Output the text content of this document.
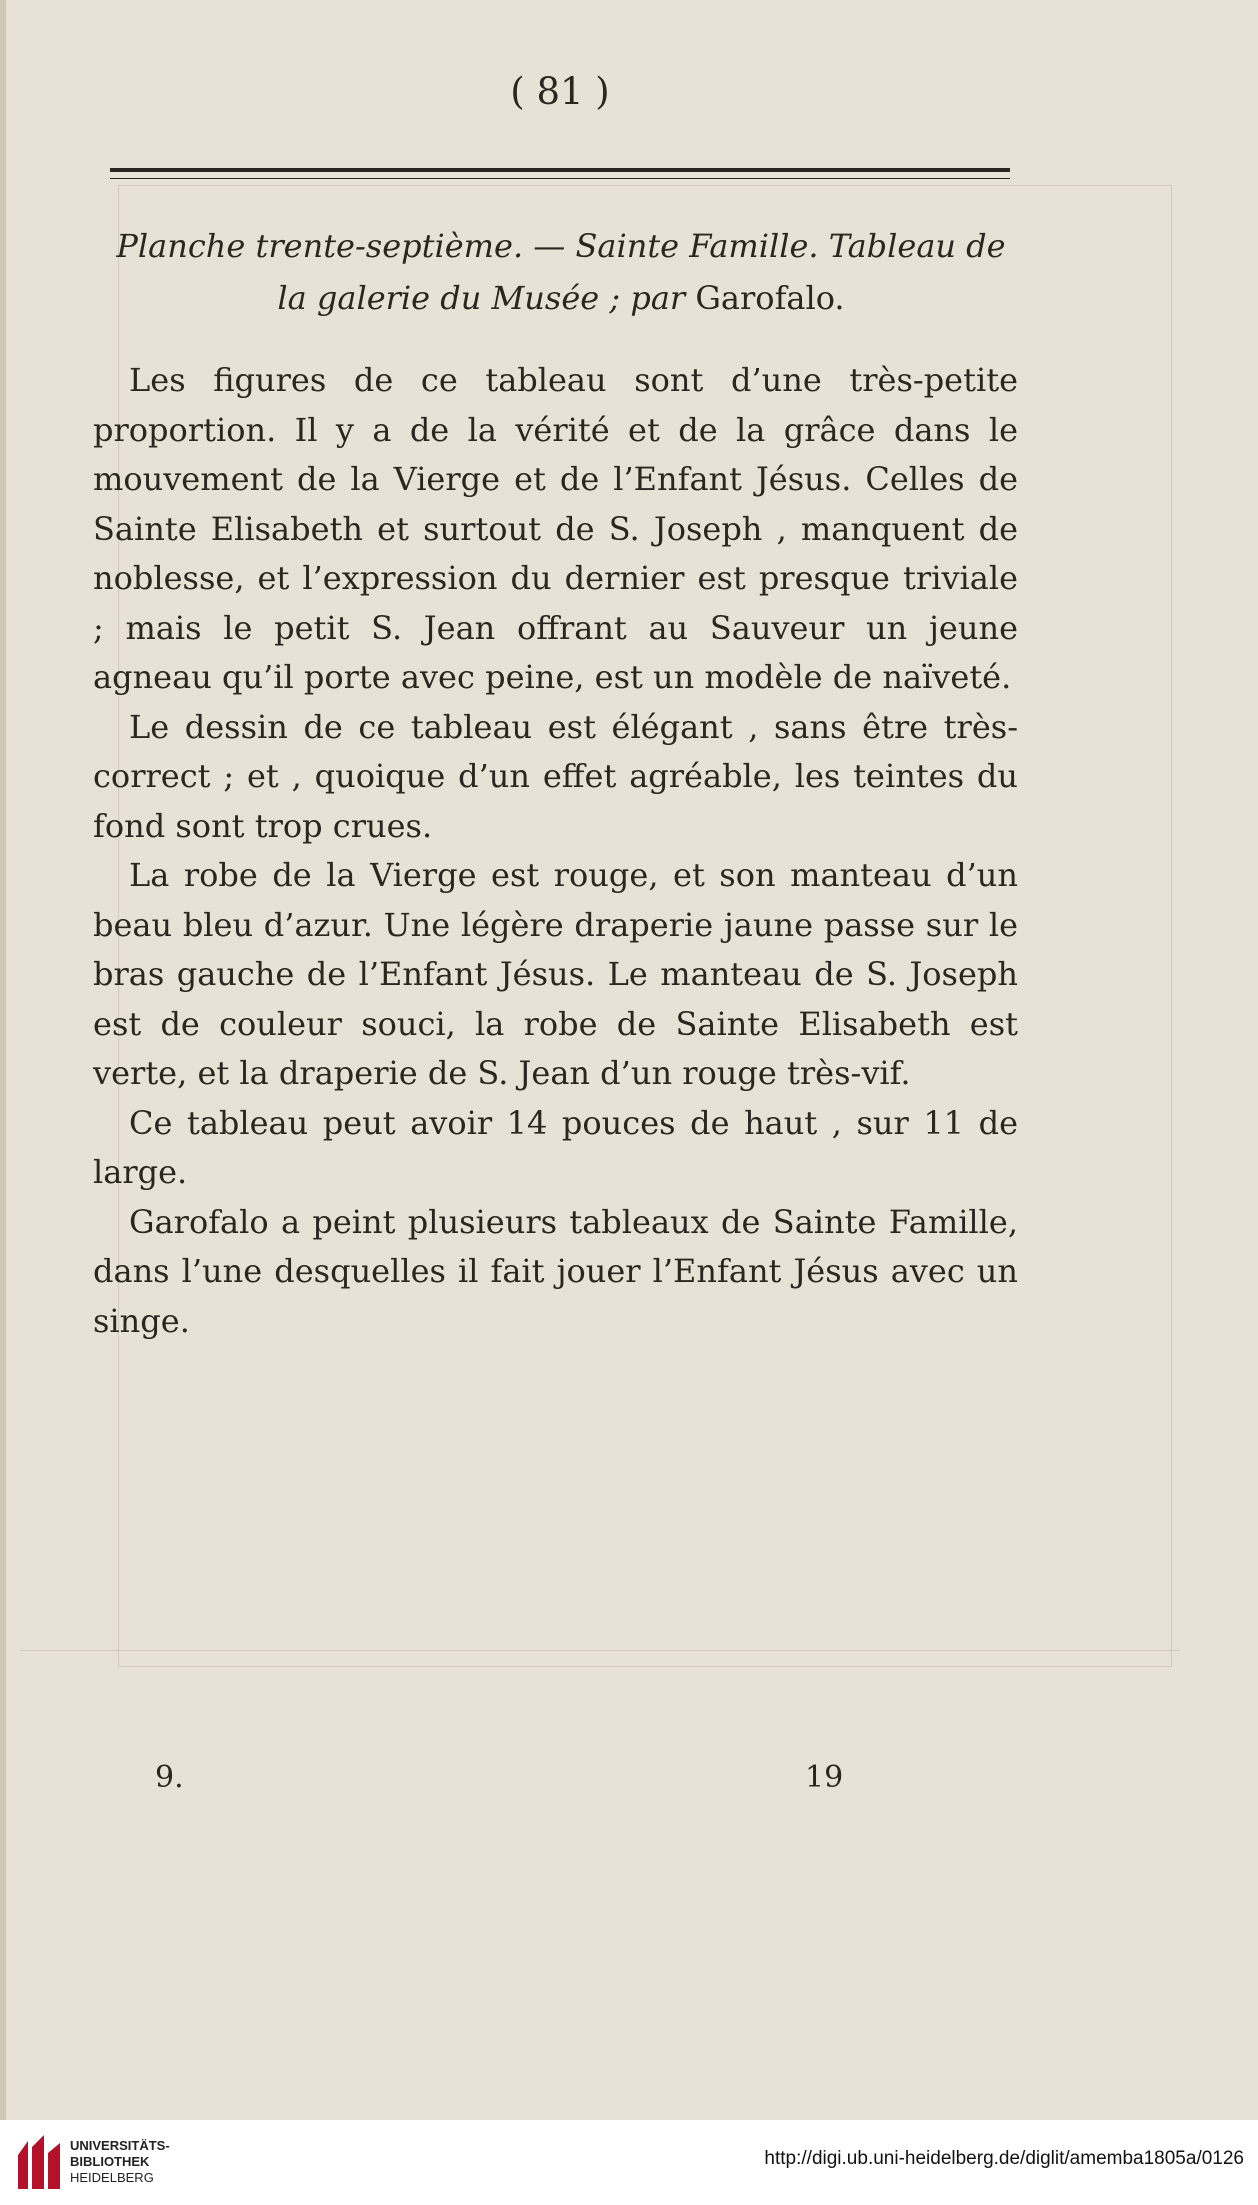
( 81 )
Planche trente-septième. — Sainte Famille. Tableau de
la galerie du Musée ; par Garofalo.

Les figures de ce tableau sont d’une très-petite proportion. Il y a de la vérité et de la grâce dans le mouvement de la Vierge et de l’Enfant Jésus. Celles de Sainte Elisabeth et surtout de S. Joseph , manquent de noblesse, et l’expression du dernier est presque triviale ; mais le petit S. Jean offrant au Sauveur un jeune agneau qu’il porte avec peine, est un modèle de naïveté.

Le dessin de ce tableau est élégant , sans être très-correct ; et , quoique d’un effet agréable, les teintes du fond sont trop crues.

La robe de la Vierge est rouge, et son manteau d’un beau bleu d’azur. Une légère draperie jaune passe sur le bras gauche de l’Enfant Jésus. Le manteau de S. Joseph est de couleur souci, la robe de Sainte Elisabeth est verte, et la draperie de S. Jean d’un rouge très-vif.

Ce tableau peut avoir 14 pouces de haut , sur 11 de large.

Garofalo a peint plusieurs tableaux de Sainte Famille, dans l’une desquelles il fait jouer l’Enfant Jésus avec un singe.

9.	19
UNIVERSITÄTS-
BIBLIOTHEK
HEIDELBERG
http://digi.ub.uni-heidelberg.de/diglit/amemba1805a/0126
